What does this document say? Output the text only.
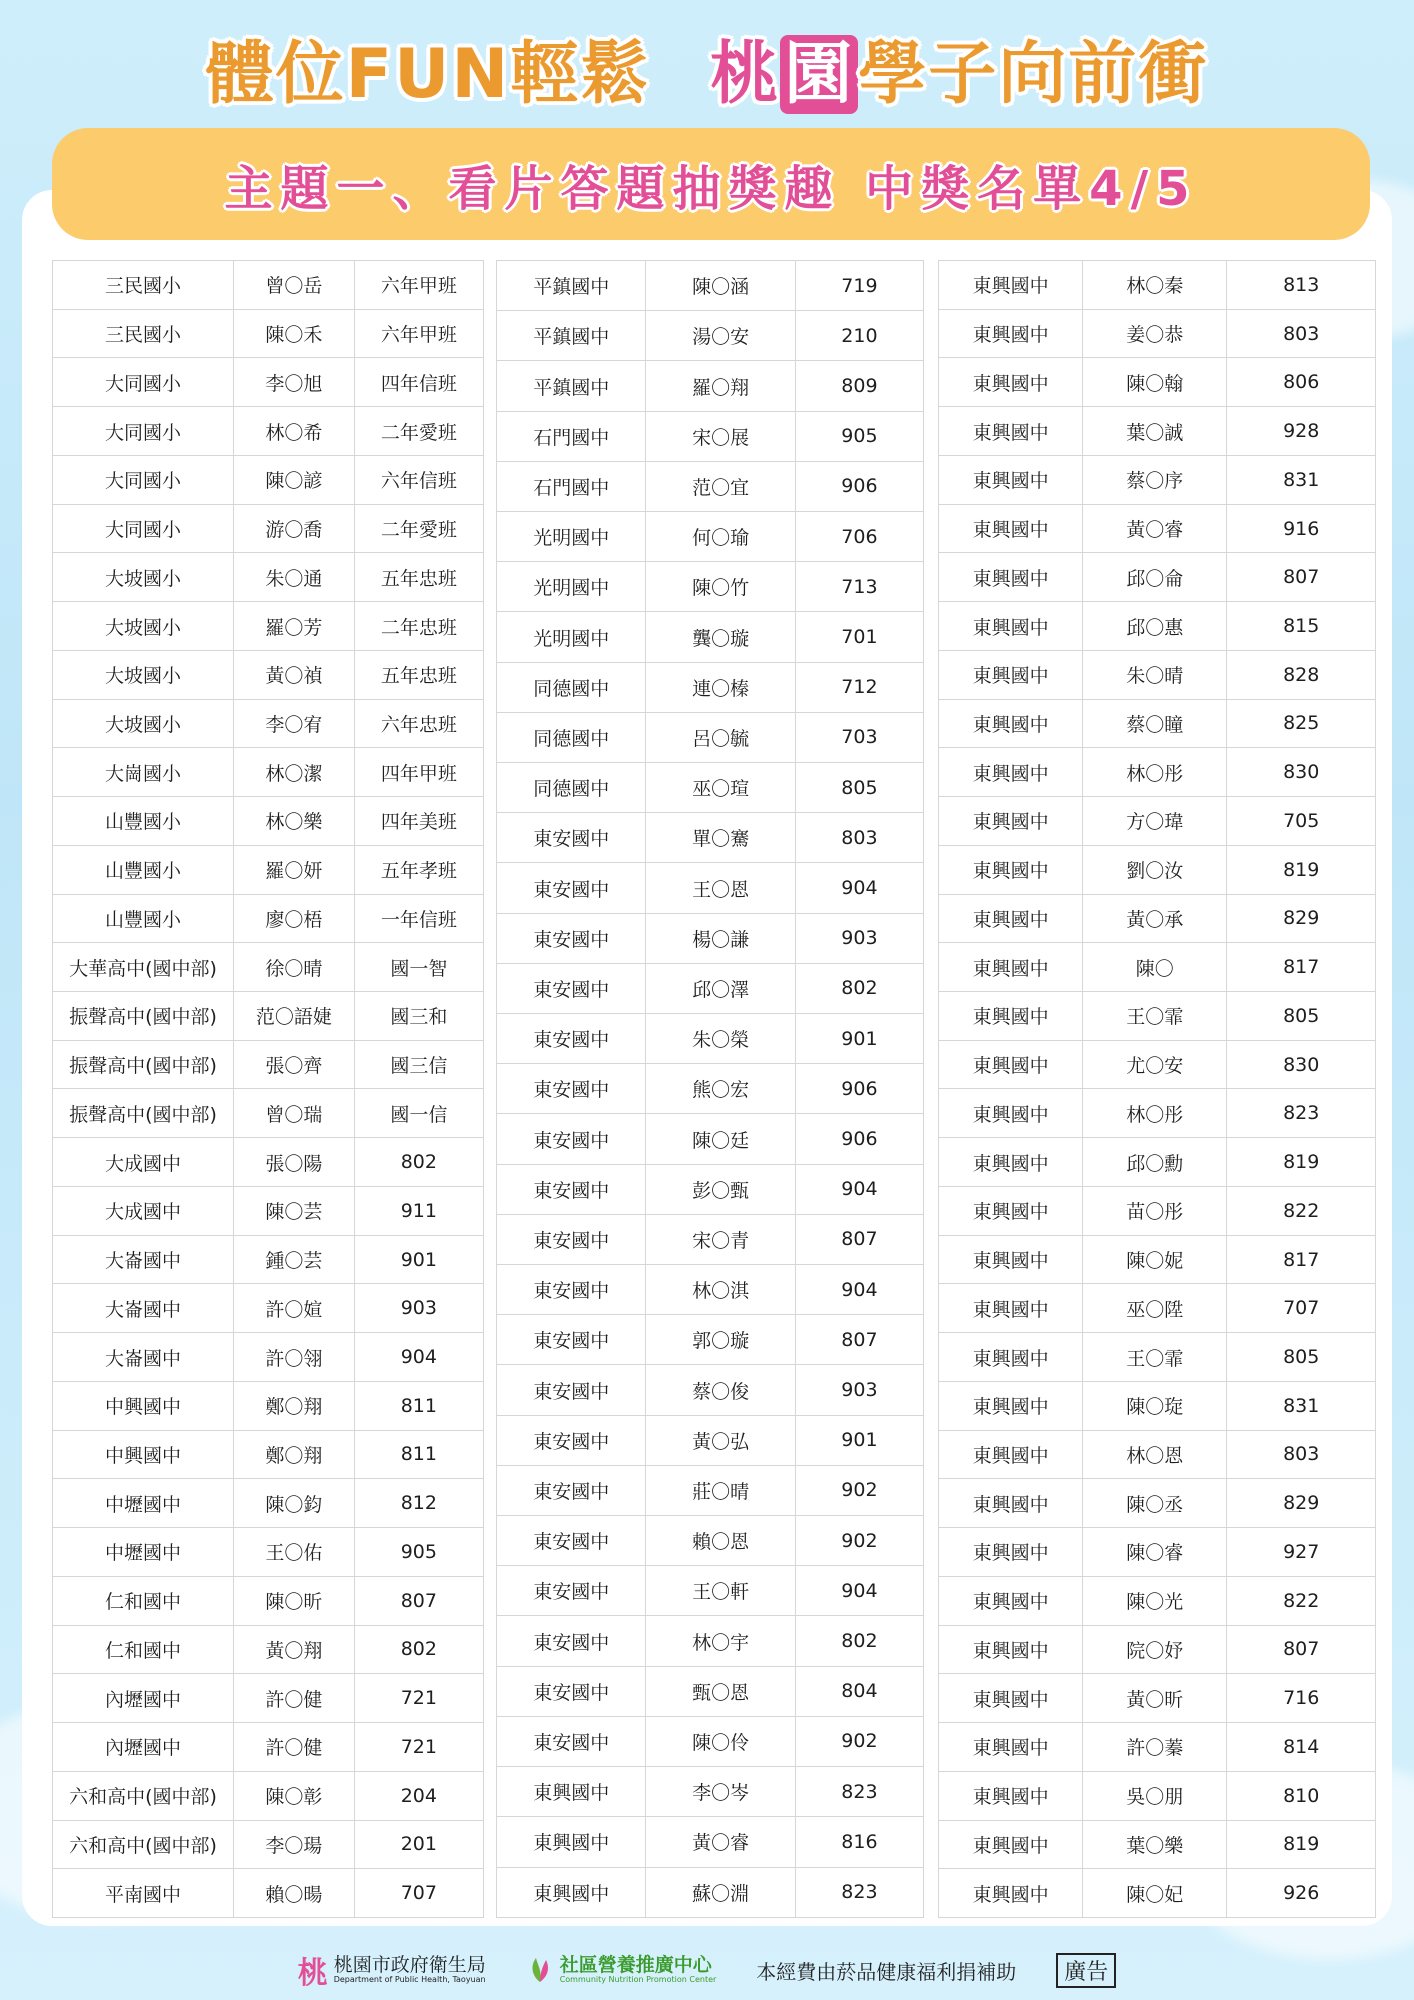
體位FUN輕鬆 桃園學子向前衝
主題一、看片答題抽獎趣 中獎名單4/5
三民國小	曾〇岳	六年甲班
三民國小	陳〇禾	六年甲班
大同國小	李〇旭	四年信班
大同國小	林〇希	二年愛班
大同國小	陳〇諺	六年信班
大同國小	游〇喬	二年愛班
大坡國小	朱〇通	五年忠班
大坡國小	羅〇芳	二年忠班
大坡國小	黃〇禎	五年忠班
大坡國小	李〇宥	六年忠班
大崗國小	林〇潔	四年甲班
山豐國小	林〇樂	四年美班
山豐國小	羅〇妍	五年孝班
山豐國小	廖〇梧	一年信班
大華高中(國中部)	徐〇晴	國一智
振聲高中(國中部)	范〇語婕	國三和
振聲高中(國中部)	張〇齊	國三信
振聲高中(國中部)	曾〇瑞	國一信
大成國中	張〇陽	802
大成國中	陳〇芸	911
大崙國中	鍾〇芸	901
大崙國中	許〇媗	903
大崙國中	許〇翎	904
中興國中	鄭〇翔	811
中興國中	鄭〇翔	811
中壢國中	陳〇鈞	812
中壢國中	王〇佑	905
仁和國中	陳〇昕	807
仁和國中	黃〇翔	802
內壢國中	許〇健	721
內壢國中	許〇健	721
六和高中(國中部)	陳〇彰	204
六和高中(國中部)	李〇瑒	201
平南國中	賴〇暘	707
平鎮國中	陳〇涵	719
平鎮國中	湯〇安	210
平鎮國中	羅〇翔	809
石門國中	宋〇展	905
石門國中	范〇宜	906
光明國中	何〇瑜	706
光明國中	陳〇竹	713
光明國中	龔〇璇	701
同德國中	連〇榛	712
同德國中	呂〇毓	703
同德國中	巫〇瑄	805
東安國中	單〇騫	803
東安國中	王〇恩	904
東安國中	楊〇謙	903
東安國中	邱〇澤	802
東安國中	朱〇榮	901
東安國中	熊〇宏	906
東安國中	陳〇廷	906
東安國中	彭〇甄	904
東安國中	宋〇青	807
東安國中	林〇淇	904
東安國中	郭〇璇	807
東安國中	蔡〇俊	903
東安國中	黃〇弘	901
東安國中	莊〇晴	902
東安國中	賴〇恩	902
東安國中	王〇軒	904
東安國中	林〇宇	802
東安國中	甄〇恩	804
東安國中	陳〇伶	902
東興國中	李〇岑	823
東興國中	黃〇睿	816
東興國中	蘇〇淵	823
東興國中	林〇秦	813
東興國中	姜〇恭	803
東興國中	陳〇翰	806
東興國中	葉〇誠	928
東興國中	蔡〇序	831
東興國中	黃〇睿	916
東興國中	邱〇侖	807
東興國中	邱〇惠	815
東興國中	朱〇晴	828
東興國中	蔡〇瞳	825
東興國中	林〇彤	830
東興國中	方〇瑋	705
東興國中	劉〇汝	819
東興國中	黃〇承	829
東興國中	陳〇	817
東興國中	王〇霏	805
東興國中	尤〇安	830
東興國中	林〇彤	823
東興國中	邱〇勳	819
東興國中	苗〇彤	822
東興國中	陳〇妮	817
東興國中	巫〇陞	707
東興國中	王〇霏	805
東興國中	陳〇琁	831
東興國中	林〇恩	803
東興國中	陳〇丞	829
東興國中	陳〇睿	927
東興國中	陳〇光	822
東興國中	院〇妤	807
東興國中	黃〇昕	716
東興國中	許〇蓁	814
東興國中	吳〇朋	810
東興國中	葉〇樂	819
東興國中	陳〇妃	926
桃 桃園市政府衛生局
Department of Public Health, Taoyuan
社區營養推廣中心
Community Nutrition Promotion Center 本經費由菸品健康福利捐補助	廣告
